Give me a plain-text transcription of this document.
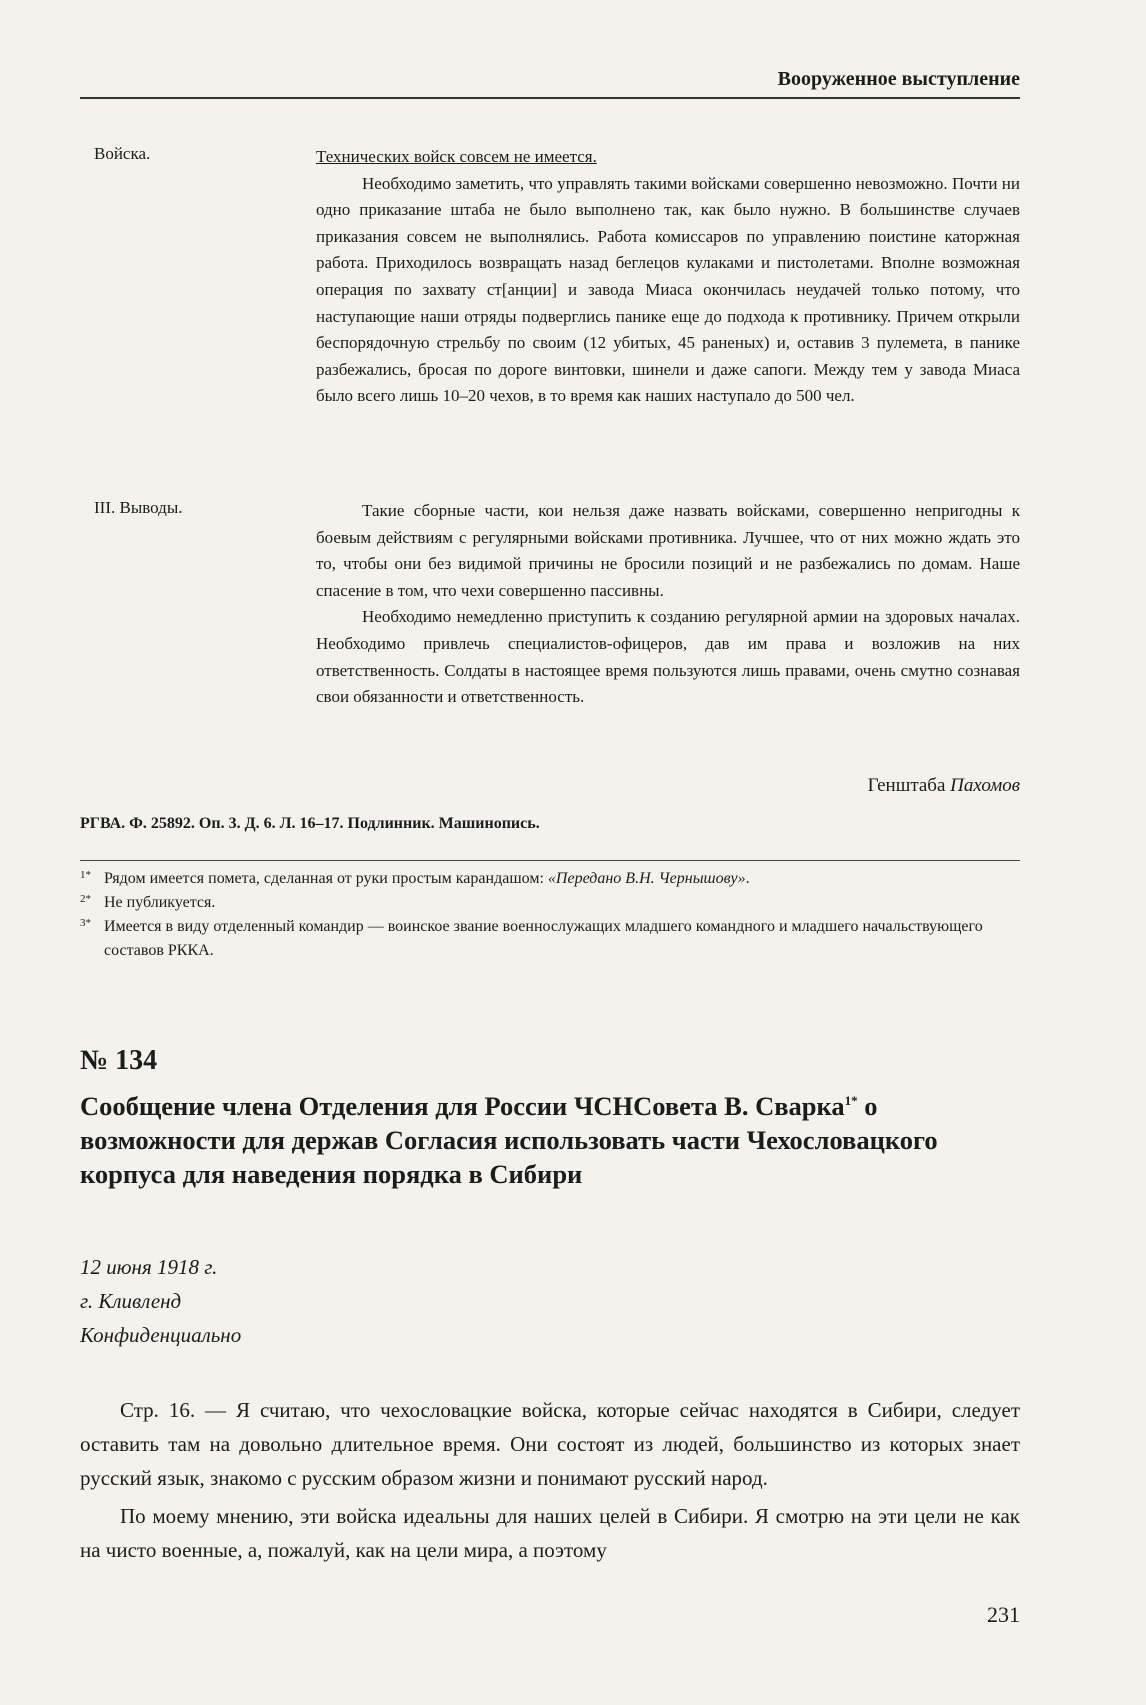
Вооруженное выступление
Войска.	Технических войск совсем не имеется.

Необходимо заметить, что управлять такими войсками совершенно невозможно. Почти ни одно приказание штаба не было выполнено так, как было нужно. В большинстве случаев приказания совсем не выполнялись. Работа комиссаров по управлению поистине каторжная работа. Приходилось возвращать назад беглецов кулаками и пистолетами. Вполне возможная операция по захвату ст[анции] и завода Миаса окончилась неудачей только потому, что наступающие наши отряды подверглись панике еще до подхода к противнику. Причем открыли беспорядочную стрельбу по своим (12 убитых, 45 раненых) и, оставив 3 пулемета, в панике разбежались, бросая по дороге винтовки, шинели и даже сапоги. Между тем у завода Миаса было всего лишь 10–20 чехов, в то время как наших наступало до 500 чел.

III. Выводы.	Такие сборные части, кои нельзя даже назвать войсками, совершенно непригодны к боевым действиям с регулярными войсками противника. Лучшее, что от них можно ждать это то, чтобы они без видимой причины не бросили позиций и не разбежались по домам. Наше спасение в том, что чехи совершенно пассивны.

Необходимо немедленно приступить к созданию регулярной армии на здоровых началах. Необходимо привлечь специалистов-офицеров, дав им права и возложив на них ответственность. Солдаты в настоящее время пользуются лишь правами, очень смутно сознавая свои обязанности и ответственность.

Генштаба Пахомов
РГВА. Ф. 25892. Оп. 3. Д. 6. Л. 16–17. Подлинник. Машинопись.
1* Рядом имеется помета, сделанная от руки простым карандашом: «Передано В.Н. Чернышову».
2* Не публикуется.
3* Имеется в виду отделенный командир — воинское звание военнослужащих младшего командного и младшего начальствующего составов РККА.
№ 134
Сообщение члена Отделения для России ЧСНСовета В. Сварка$^{1*}$ о возможности для держав Согласия использовать части Чехословацкого корпуса для наведения порядка в Сибири
12 июня 1918 г.
г. Кливленд
Конфиденциально

Стр. 16. — Я считаю, что чехословацкие войска, которые сейчас находятся в Сибири, следует оставить там на довольно длительное время. Они состоят из людей, большинство из которых знает русский язык, знакомо с русским образом жизни и понимают русский народ.

По моему мнению, эти войска идеальны для наших целей в Сибири. Я смотрю на эти цели не как на чисто военные, а, пожалуй, как на цели мира, а поэтому

231
